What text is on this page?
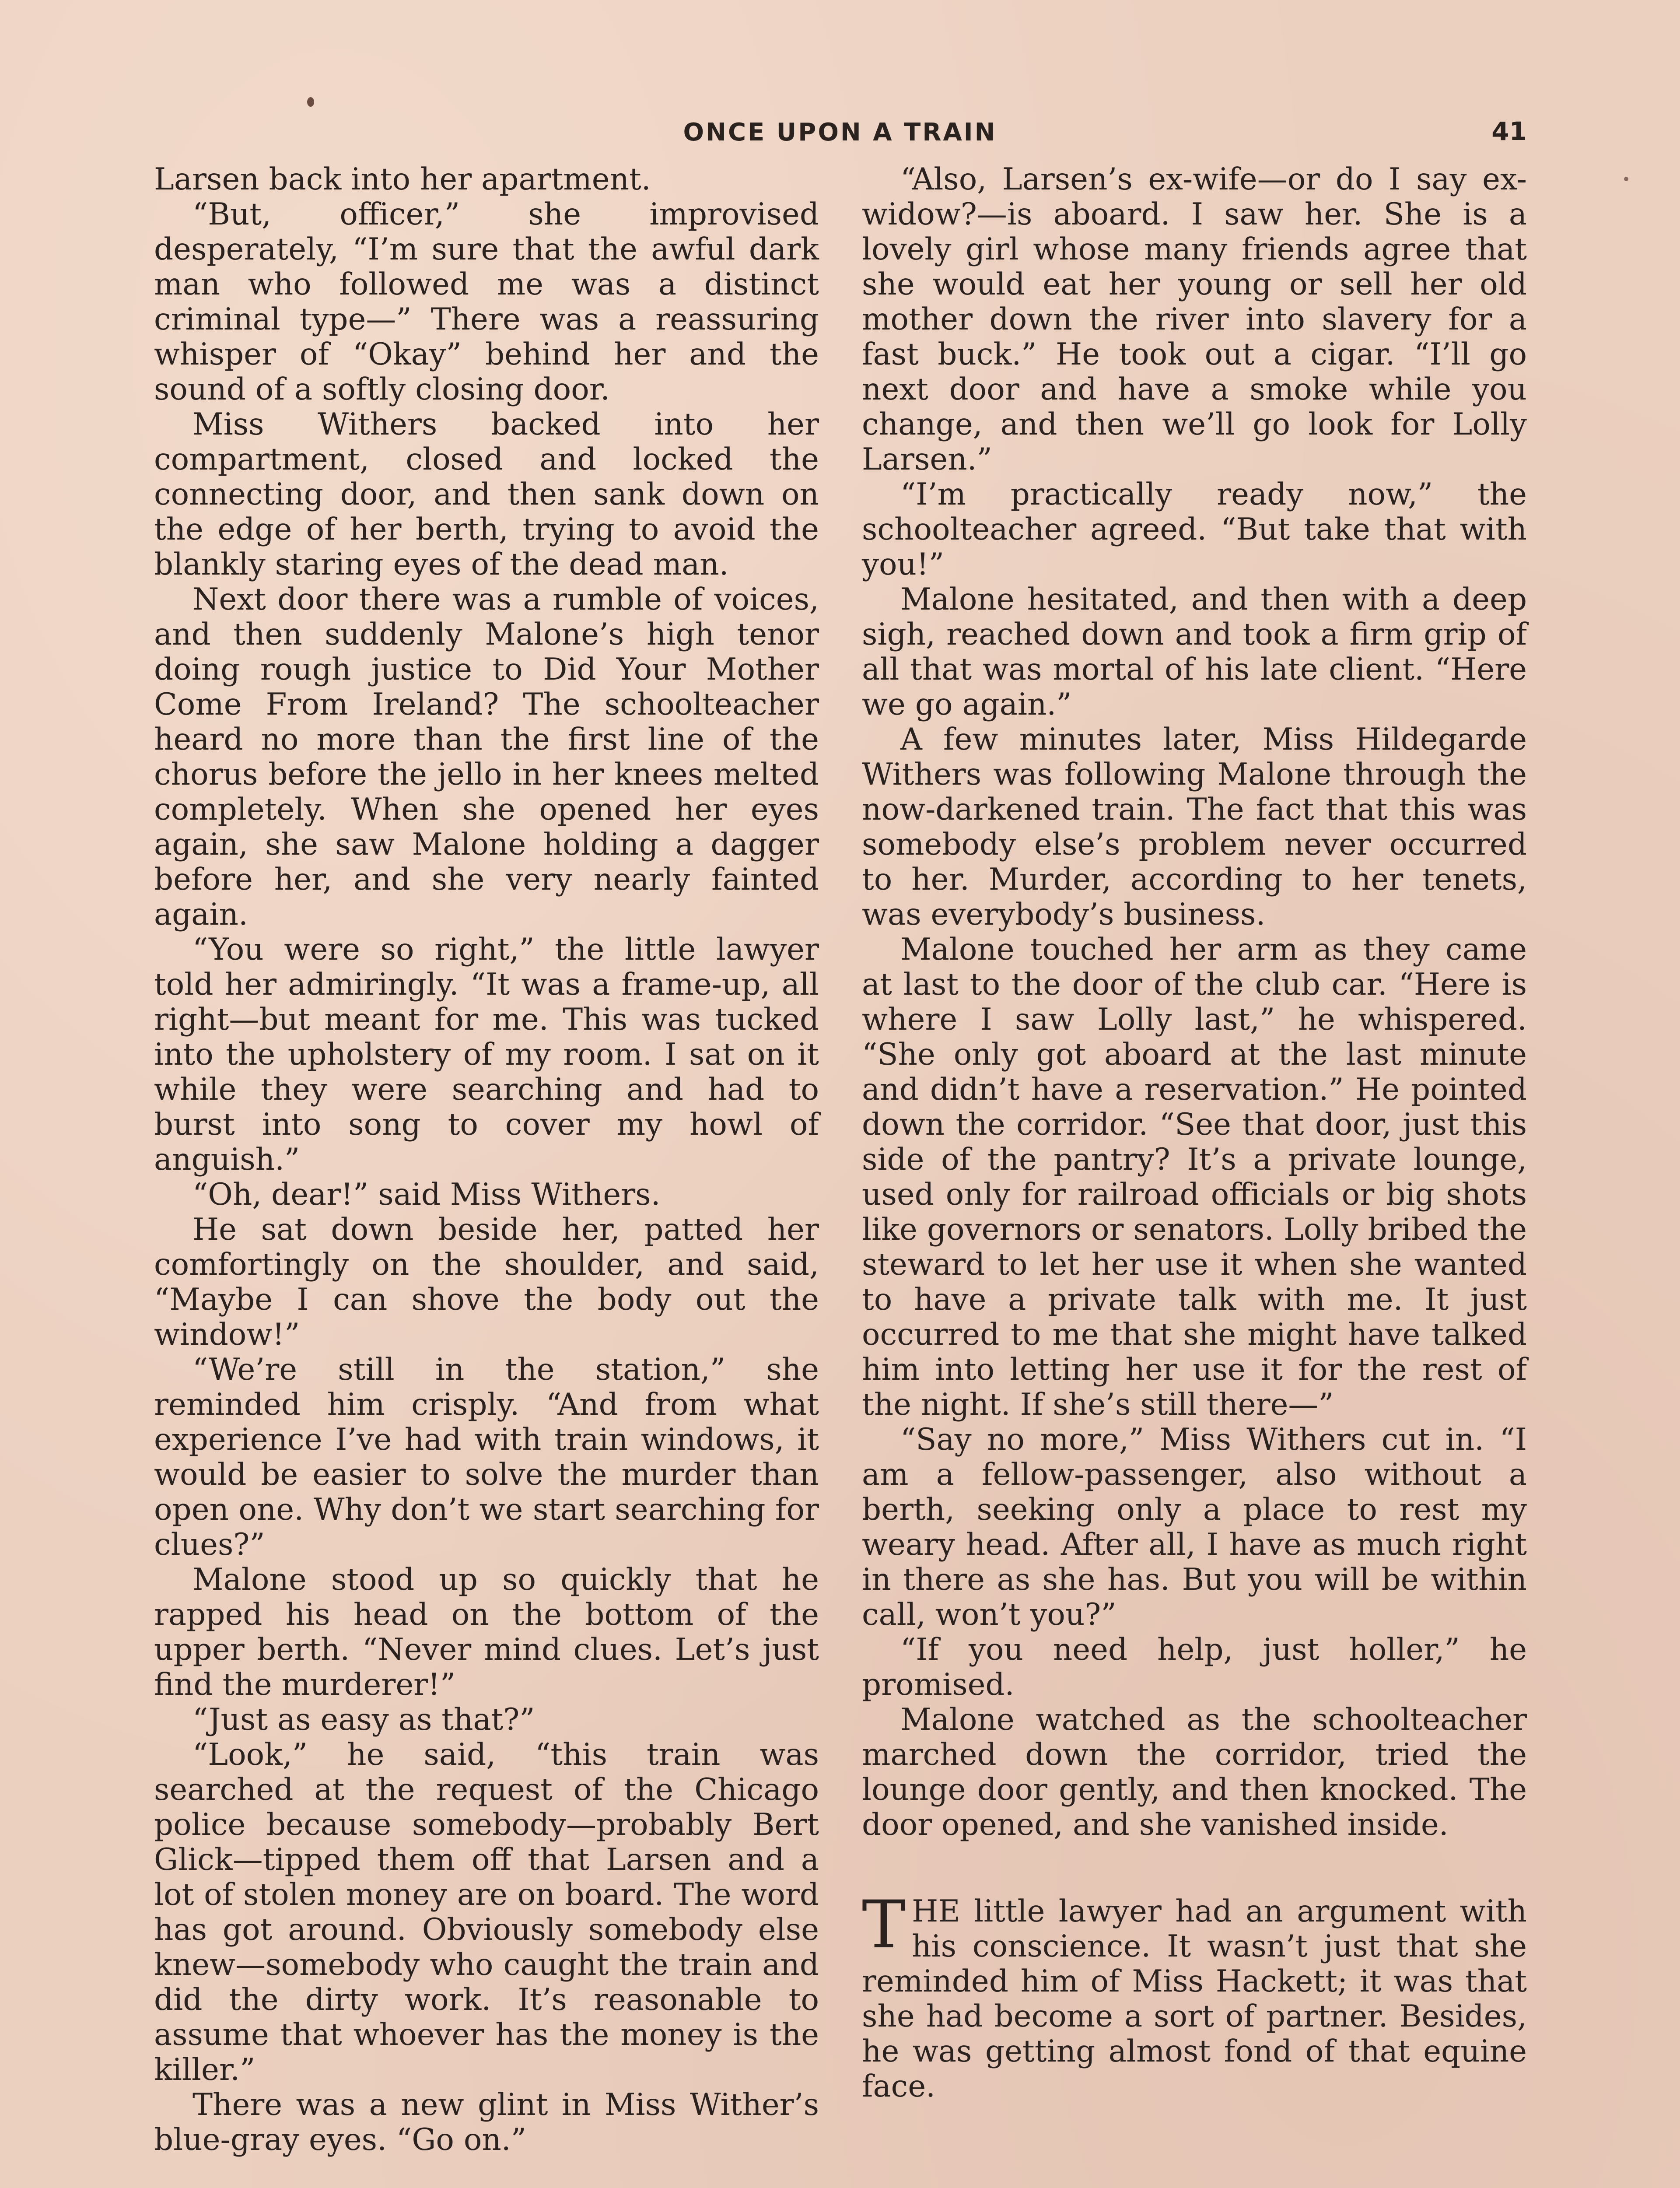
ONCE UPON A TRAIN	41

Larsen back into her apartment.

“But, officer,” she improvised desperately, “I’m sure that the awful dark man who followed me was a distinct criminal type—” There was a reassuring whisper of “Okay” behind her and the sound of a softly closing door.

Miss Withers backed into her compartment, closed and locked the connecting door, and then sank down on the edge of her berth, trying to avoid the blankly staring eyes of the dead man.

Next door there was a rumble of voices, and then suddenly Malone’s high tenor doing rough justice to Did Your Mother Come From Ireland? The schoolteacher heard no more than the first line of the chorus before the jello in her knees melted completely. When she opened her eyes again, she saw Malone holding a dagger before her, and she very nearly fainted again.

“You were so right,” the little lawyer told her admiringly. “It was a frame-up, all right—but meant for me. This was tucked into the upholstery of my room. I sat on it while they were searching and had to burst into song to cover my howl of anguish.”

“Oh, dear!” said Miss Withers.

He sat down beside her, patted her comfortingly on the shoulder, and said, “Maybe I can shove the body out the window!”

“We’re still in the station,” she reminded him crisply. “And from what experience I’ve had with train windows, it would be easier to solve the murder than open one. Why don’t we start searching for clues?”

Malone stood up so quickly that he rapped his head on the bottom of the upper berth. “Never mind clues. Let’s just find the murderer!”

“Just as easy as that?”

“Look,” he said, “this train was searched at the request of the Chicago police because somebody—probably Bert Glick—tipped them off that Larsen and a lot of stolen money are on board. The word has got around. Obviously somebody else knew—somebody who caught the train and did the dirty work. It’s reasonable to assume that whoever has the money is the killer.”

There was a new glint in Miss Wither’s blue-gray eyes. “Go on.”

“Also, Larsen’s ex-wife—or do I say ex-widow?—is aboard. I saw her. She is a lovely girl whose many friends agree that she would eat her young or sell her old mother down the river into slavery for a fast buck.” He took out a cigar. “I’ll go next door and have a smoke while you change, and then we’ll go look for Lolly Larsen.”

“I’m practically ready now,” the schoolteacher agreed. “But take that with you!”

Malone hesitated, and then with a deep sigh, reached down and took a firm grip of all that was mortal of his late client. “Here we go again.”

A few minutes later, Miss Hildegarde Withers was following Malone through the now-darkened train. The fact that this was somebody else’s problem never occurred to her. Murder, according to her tenets, was everybody’s business.

Malone touched her arm as they came at last to the door of the club car. “Here is where I saw Lolly last,” he whispered. “She only got aboard at the last minute and didn’t have a reservation.” He pointed down the corridor. “See that door, just this side of the pantry? It’s a private lounge, used only for railroad officials or big shots like governors or senators. Lolly bribed the steward to let her use it when she wanted to have a private talk with me. It just occurred to me that she might have talked him into letting her use it for the rest of the night. If she’s still there—”

“Say no more,” Miss Withers cut in. “I am a fellow-passenger, also without a berth, seeking only a place to rest my weary head. After all, I have as much right in there as she has. But you will be within call, won’t you?”

“If you need help, just holler,” he promised.

Malone watched as the schoolteacher marched down the corridor, tried the lounge door gently, and then knocked. The door opened, and she vanished inside.

THE little lawyer had an argument with his conscience. It wasn’t just that she reminded him of Miss Hackett; it was that she had become a sort of partner. Besides, he was getting almost fond of that equine face.
